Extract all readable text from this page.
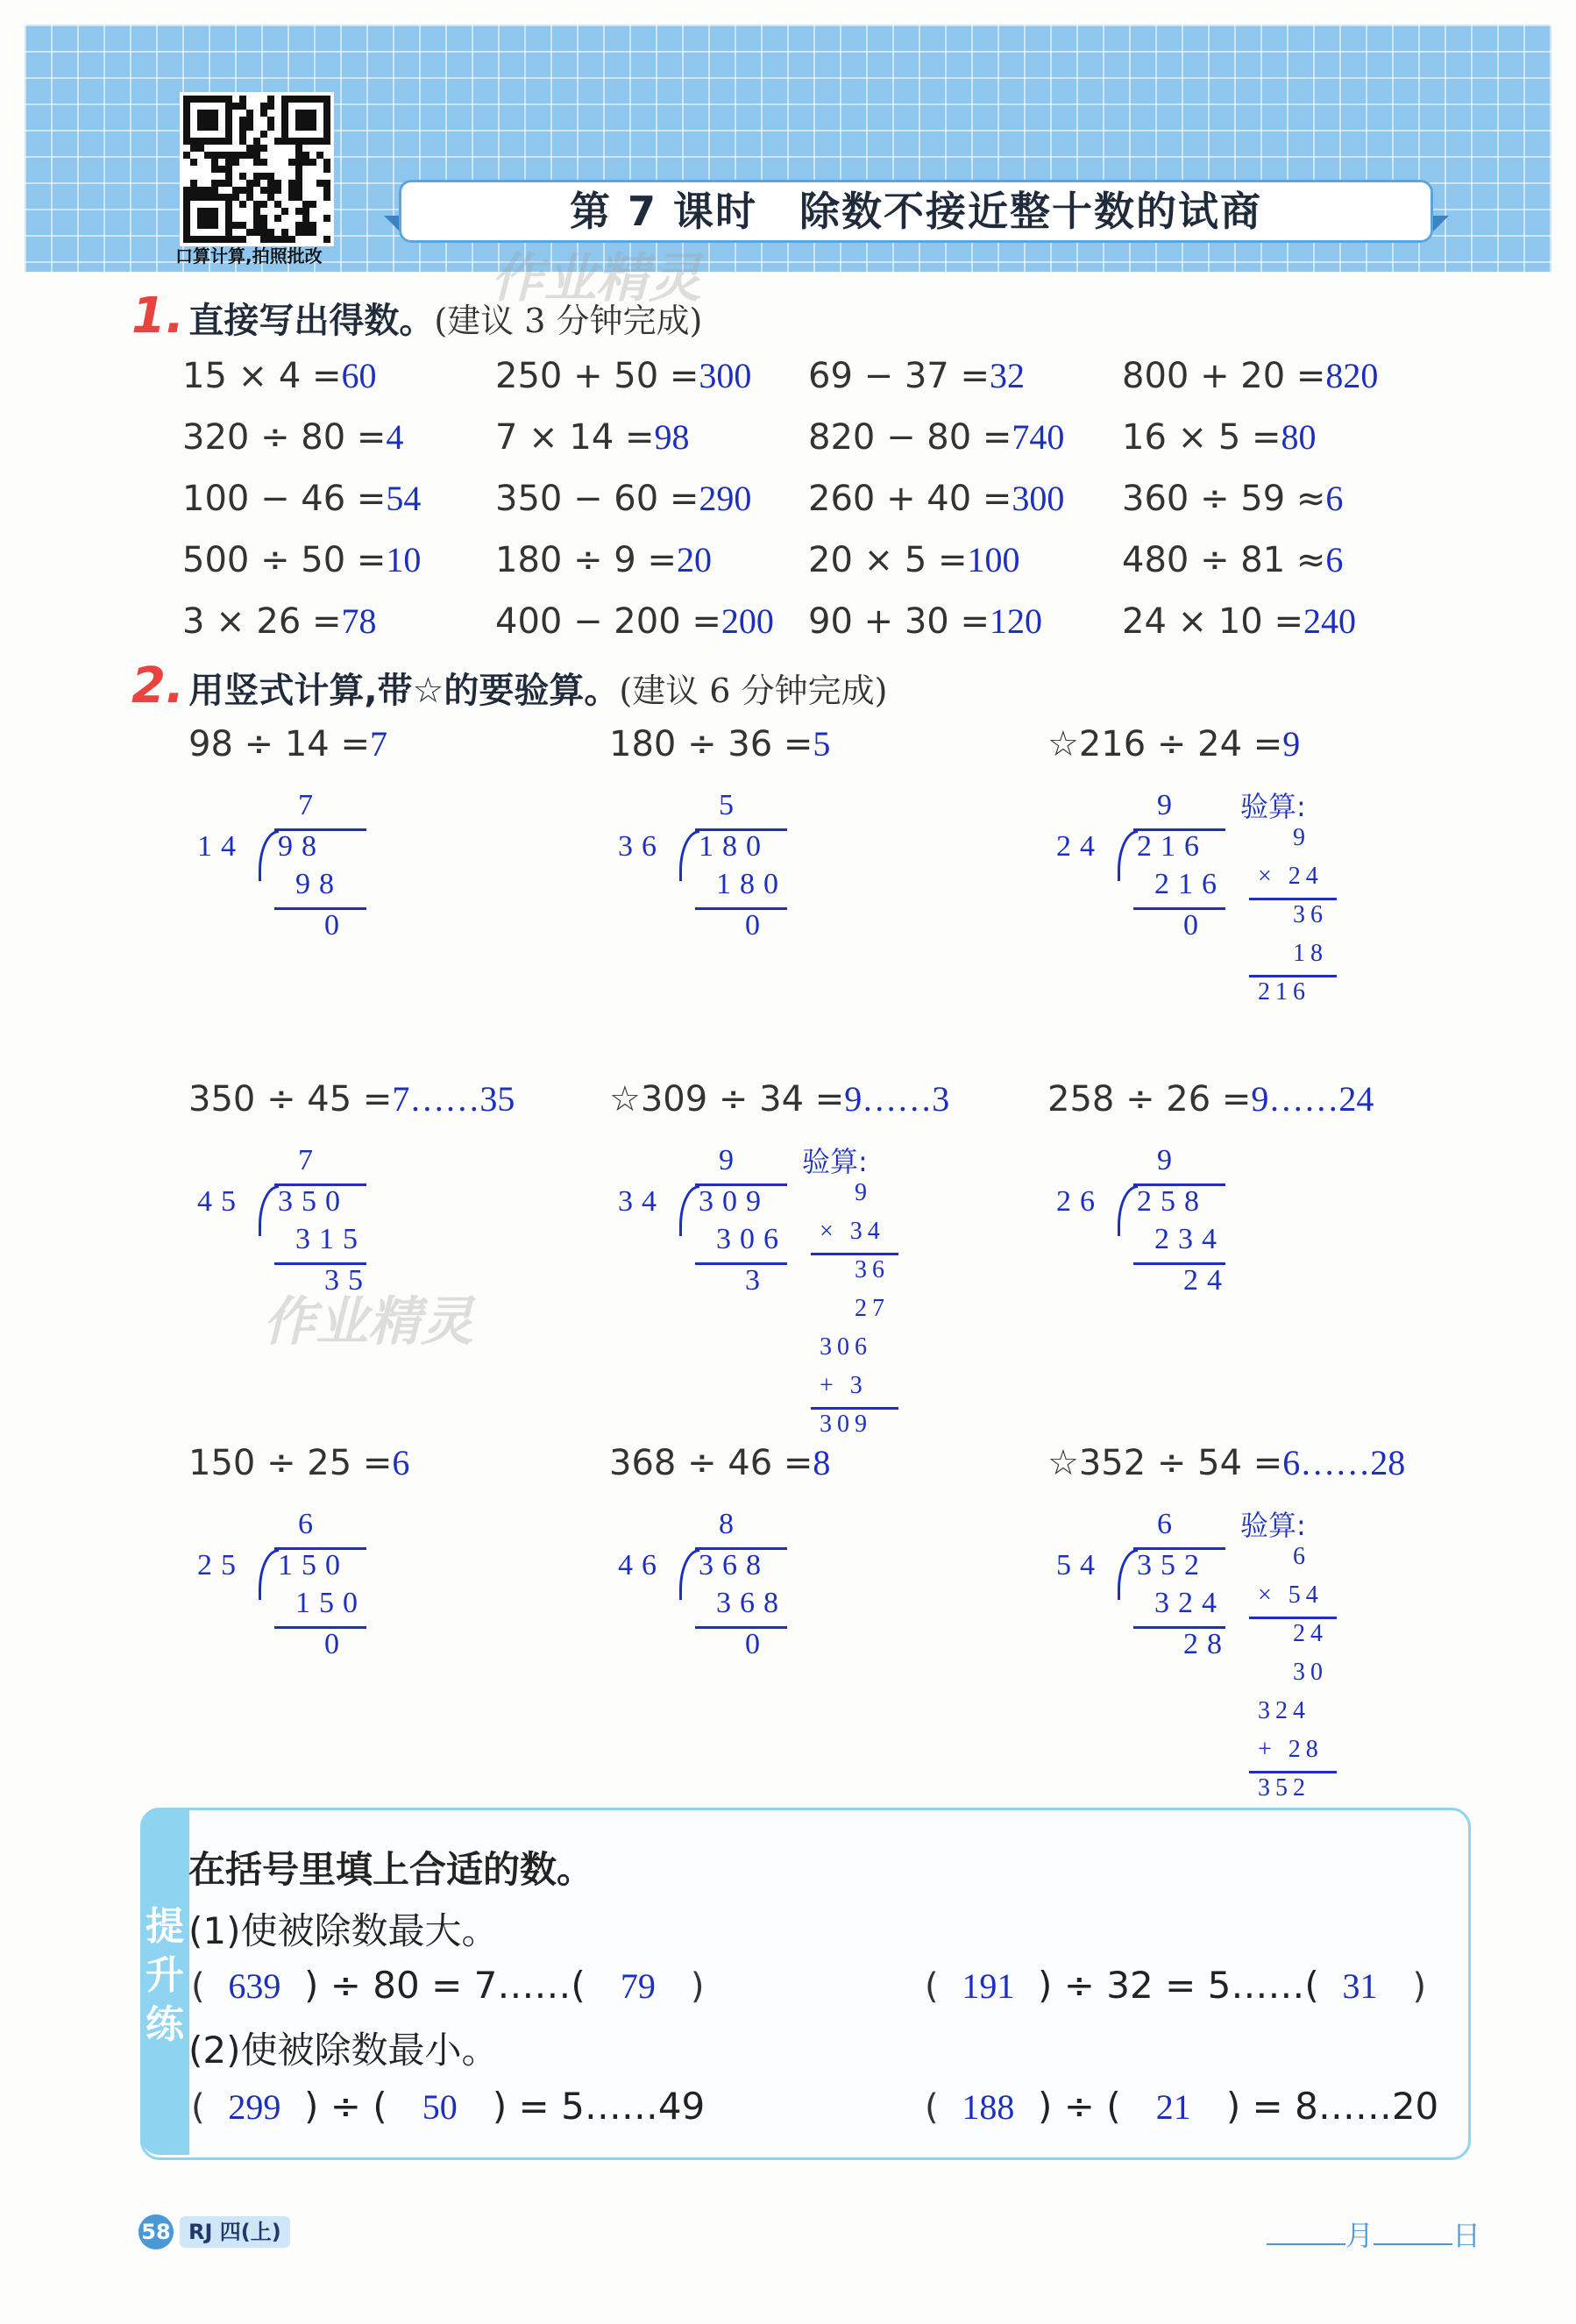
口算计算,拍照批改
第 7 课时　除数不接近整十数的试商
作业精灵
作业精灵
1. 直接写出得数。(建议 3 分钟完成)
15 × 4 =60	250 + 50 =300 69 − 37 =32	800 + 20 =820
320 ÷ 80 =4	7 × 14 =98	820 − 80 =740 16 × 5 =80
100 − 46 =54 350 − 60 =290 260 + 40 =300 360 ÷ 59 ≈6
500 ÷ 50 =10 180 ÷ 9 =20	20 × 5 =100	480 ÷ 81 ≈6
3 × 26 =78	400 − 200 =200 90 + 30 =120 24 × 10 =240
2. 用竖式计算,带☆的要验算。(建议 6 分钟完成)
98 ÷ 14 =7
7
14 98
98
0
180 ÷ 36 =5
5
36 180
180
0
☆216 ÷ 24 =9
9
24 216
216
0
验算:
9
× 24
36
18
216
350 ÷ 45 =7……35
7
45 350
315
35
☆309 ÷ 34 =9……3
9
34 309
306
3
验算:
9
× 34
36
27
306
+ 3
309
258 ÷ 26 =9……24
9
26 258
234
24
150 ÷ 25 =6
6
25 150
150
0
368 ÷ 46 =8
8
46 368
368
0
☆352 ÷ 54 =6……28
6
54 352
324
28
验算:
6
× 54
24
30
324
+ 28
352
提升练
在括号里填上合适的数。
(1)使被除数最大。
(2)使被除数最小。
( 639 ) ÷ 80 = 7……( 79 )	( 191 ) ÷ 32 = 5……( 31 )
( 299 ) ÷ ( 50 ) = 5……49	( 188 ) ÷ ( 21 ) = 8……20
58 RJ 四(上)	月	日
